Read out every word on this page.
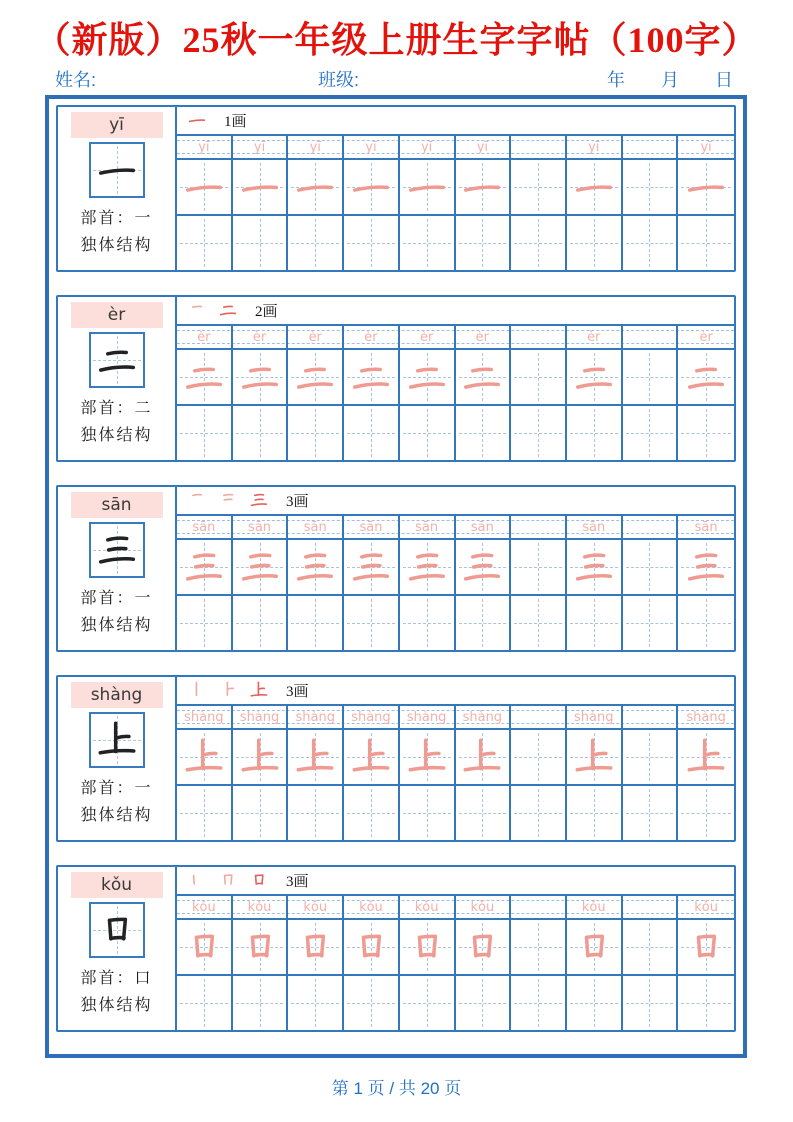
（新版）25秋一年级上册生字字帖（100字）
姓名:	班级:	年 月 日
yī
部首：一
独体结构
1画
yī	yī	yī	yī	yī	yī	yī	yī
èr
部首：二
独体结构
2画
èr	èr	èr	èr	èr	èr	èr	èr
sān
部首：一
独体结构
3画
sān	sān	sān	sān	sān	sān	sān	sān
shàng
部首：一
独体结构
3画
shàng	shàng	shàng	shàng	shàng	shàng	shàng	shàng
kǒu
部首：口
独体结构
3画
kǒu	kǒu	kǒu	kǒu	kǒu	kǒu	kǒu	kǒu
第 1 页 / 共 20 页
